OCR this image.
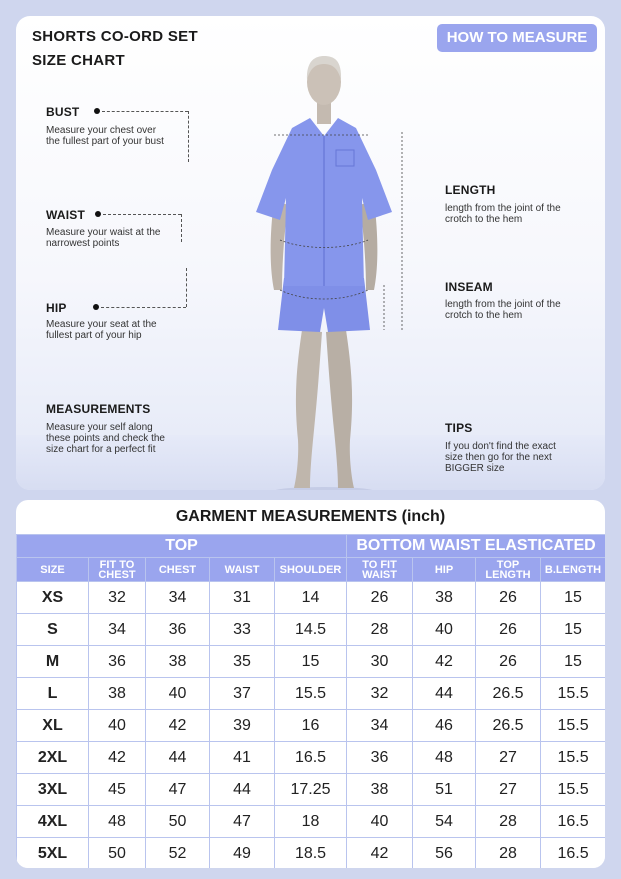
SHORTS CO-ORD SET
SIZE CHART
HOW TO MEASURE
BUST
Measure your chest over the fullest part of your bust
WAIST
Measure your waist at the narrowest points
HIP
Measure your seat at the fullest part of your hip
MEASUREMENTS
Measure your self along these points and check the size chart for a perfect fit
LENGTH
length from the joint of the crotch to the hem
INSEAM
length from the joint of the crotch to the hem
TIPS
If you don't find the exact size then go for the next BIGGER size
GARMENT MEASUREMENTS (inch)
TOP					BOTTOM WAIST ELASTICATED			
SIZE	FIT TO CHEST	CHEST	WAIST	SHOULDER	TO FIT WAIST	HIP	TOP LENGTH	B.LENGTH
XS	32	34	31	14	26	38	26	15
S	34	36	33	14.5	28	40	26	15
M	36	38	35	15	30	42	26	15
L	38	40	37	15.5	32	44	26.5	15.5
XL	40	42	39	16	34	46	26.5	15.5
2XL	42	44	41	16.5	36	48	27	15.5
3XL	45	47	44	17.25	38	51	27	15.5
4XL	48	50	47	18	40	54	28	16.5
5XL	50	52	49	18.5	42	56	28	16.5
